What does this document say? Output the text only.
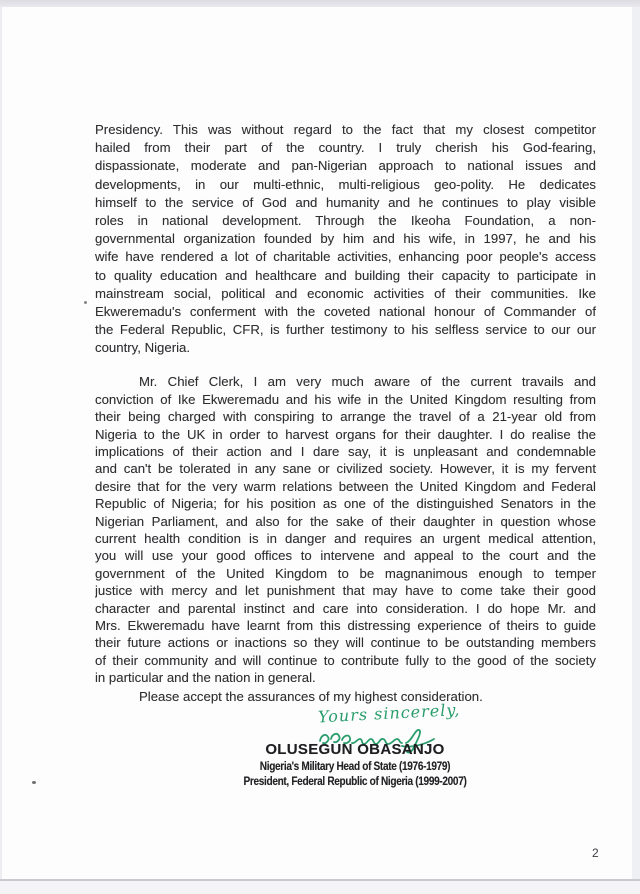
Presidency. This was without regard to the fact that my closest competitor
hailed from their part of the country. I truly cherish his God-fearing,
dispassionate, moderate and pan-Nigerian approach to national issues and
developments, in our multi-ethnic, multi-religious geo-polity. He dedicates
himself to the service of God and humanity and he continues to play visible
roles in national development. Through the Ikeoha Foundation, a non-
governmental organization founded by him and his wife, in 1997, he and his
wife have rendered a lot of charitable activities, enhancing poor people's access
to quality education and healthcare and building their capacity to participate in
mainstream social, political and economic activities of their communities. Ike
Ekweremadu's conferment with the coveted national honour of Commander of
the Federal Republic, CFR, is further testimony to his selfless service to our our
country, Nigeria.
Mr. Chief Clerk, I am very much aware of the current travails and
conviction of Ike Ekweremadu and his wife in the United Kingdom resulting from
their being charged with conspiring to arrange the travel of a 21-year old from
Nigeria to the UK in order to harvest organs for their daughter. I do realise the
implications of their action and I dare say, it is unpleasant and condemnable
and can't be tolerated in any sane or civilized society. However, it is my fervent
desire that for the very warm relations between the United Kingdom and Federal
Republic of Nigeria; for his position as one of the distinguished Senators in the
Nigerian Parliament, and also for the sake of their daughter in question whose
current health condition is in danger and requires an urgent medical attention,
you will use your good offices to intervene and appeal to the court and the
government of the United Kingdom to be magnanimous enough to temper
justice with mercy and let punishment that may have to come take their good
character and parental instinct and care into consideration. I do hope Mr. and
Mrs. Ekweremadu have learnt from this distressing experience of theirs to guide
their future actions or inactions so they will continue to be outstanding members
of their community and will continue to contribute fully to the good of the society
in particular and the nation in general.
Please accept the assurances of my highest consideration.
Yours sincerely,
OLUSEGUN OBASANJO
Nigeria's Military Head of State (1976-1979)
President, Federal Republic of Nigeria (1999-2007)
2
